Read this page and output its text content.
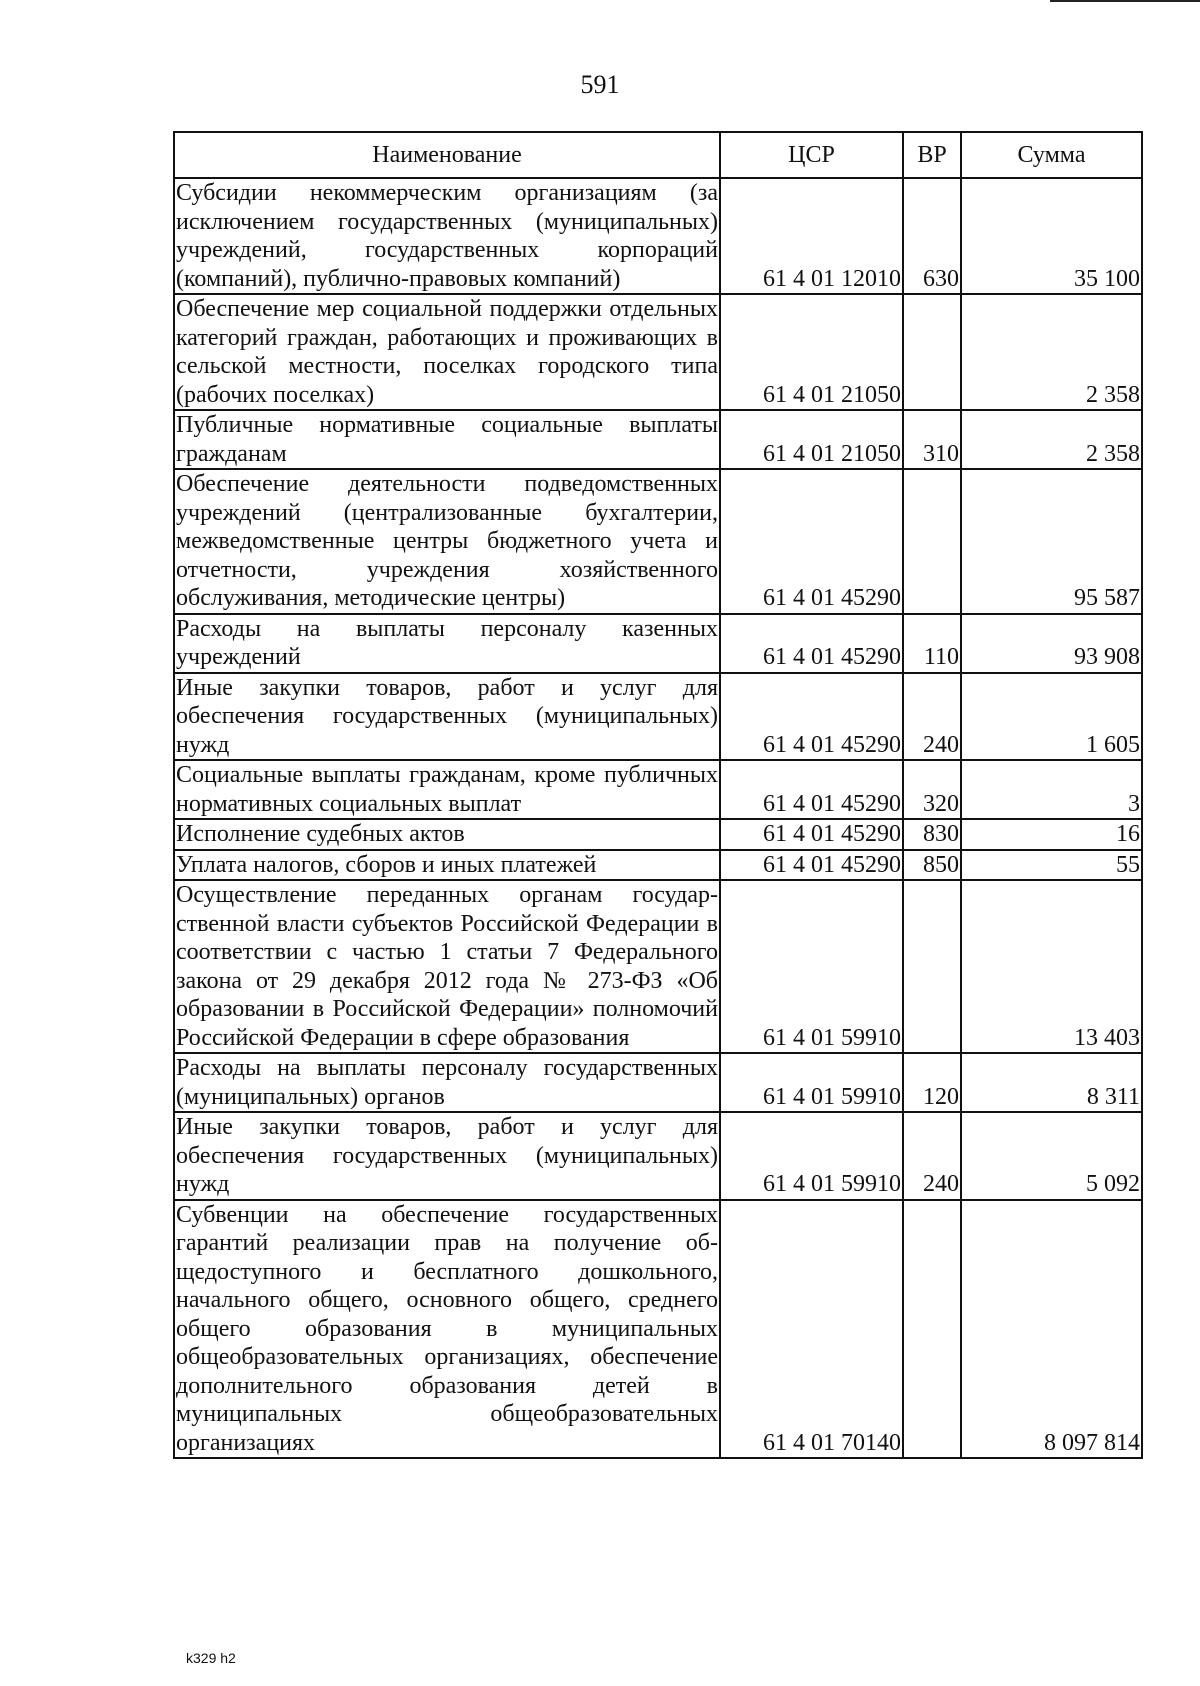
591
Наименование	ЦСР	ВР	Сумма
Субсидии некоммерческим организациям (за исключением государственных (муниципальных) учреждений, государственных корпораций (компаний), публично-правовых компаний)	61 4 01 12010	630	35 100
Обеспечение мер социальной поддержки отдельных категорий граждан, работающих и проживающих в сельской местности, поселках городского типа (рабочих поселках)	61 4 01 21050		2 358
Публичные нормативные социальные выплаты гражданам	61 4 01 21050	310	2 358
Обеспечение деятельности подведомственных учреждений (централизованные бухгалтерии, межведомственные центры бюджетного учета и отчетности, учреждения хозяйственного обслуживания, методические центры)	61 4 01 45290		95 587
Расходы на выплаты персоналу казенных учреждений	61 4 01 45290	110	93 908
Иные закупки товаров, работ и услуг для обеспечения государственных (муниципальных) нужд	61 4 01 45290	240	1 605
Социальные выплаты гражданам, кроме публичных нормативных социальных выплат	61 4 01 45290	320	3
Исполнение судебных актов	61 4 01 45290	830	16
Уплата налогов, сборов и иных платежей	61 4 01 45290	850	55
Осуществление переданных органам государственной власти субъектов Российской Федерации в соответствии с частью 1 статьи 7 Федерального закона от 29 декабря 2012 года № 273-ФЗ «Об образовании в Российской Федерации» полномочий Российской Федерации в сфере образования	61 4 01 59910		13 403
Расходы на выплаты персоналу государственных (муниципальных) органов	61 4 01 59910	120	8 311
Иные закупки товаров, работ и услуг для обеспечения государственных (муниципальных) нужд	61 4 01 59910	240	5 092
Субвенции на обеспечение государственных гарантий реализации прав на получение общедоступного и бесплатного дошкольного, начального общего, основного общего, среднего общего образования в муниципальных общеобразовательных организациях, обеспечение дополнительного образования детей в муниципальных общеобразовательных организациях	61 4 01 70140		8 097 814
k329 h2
